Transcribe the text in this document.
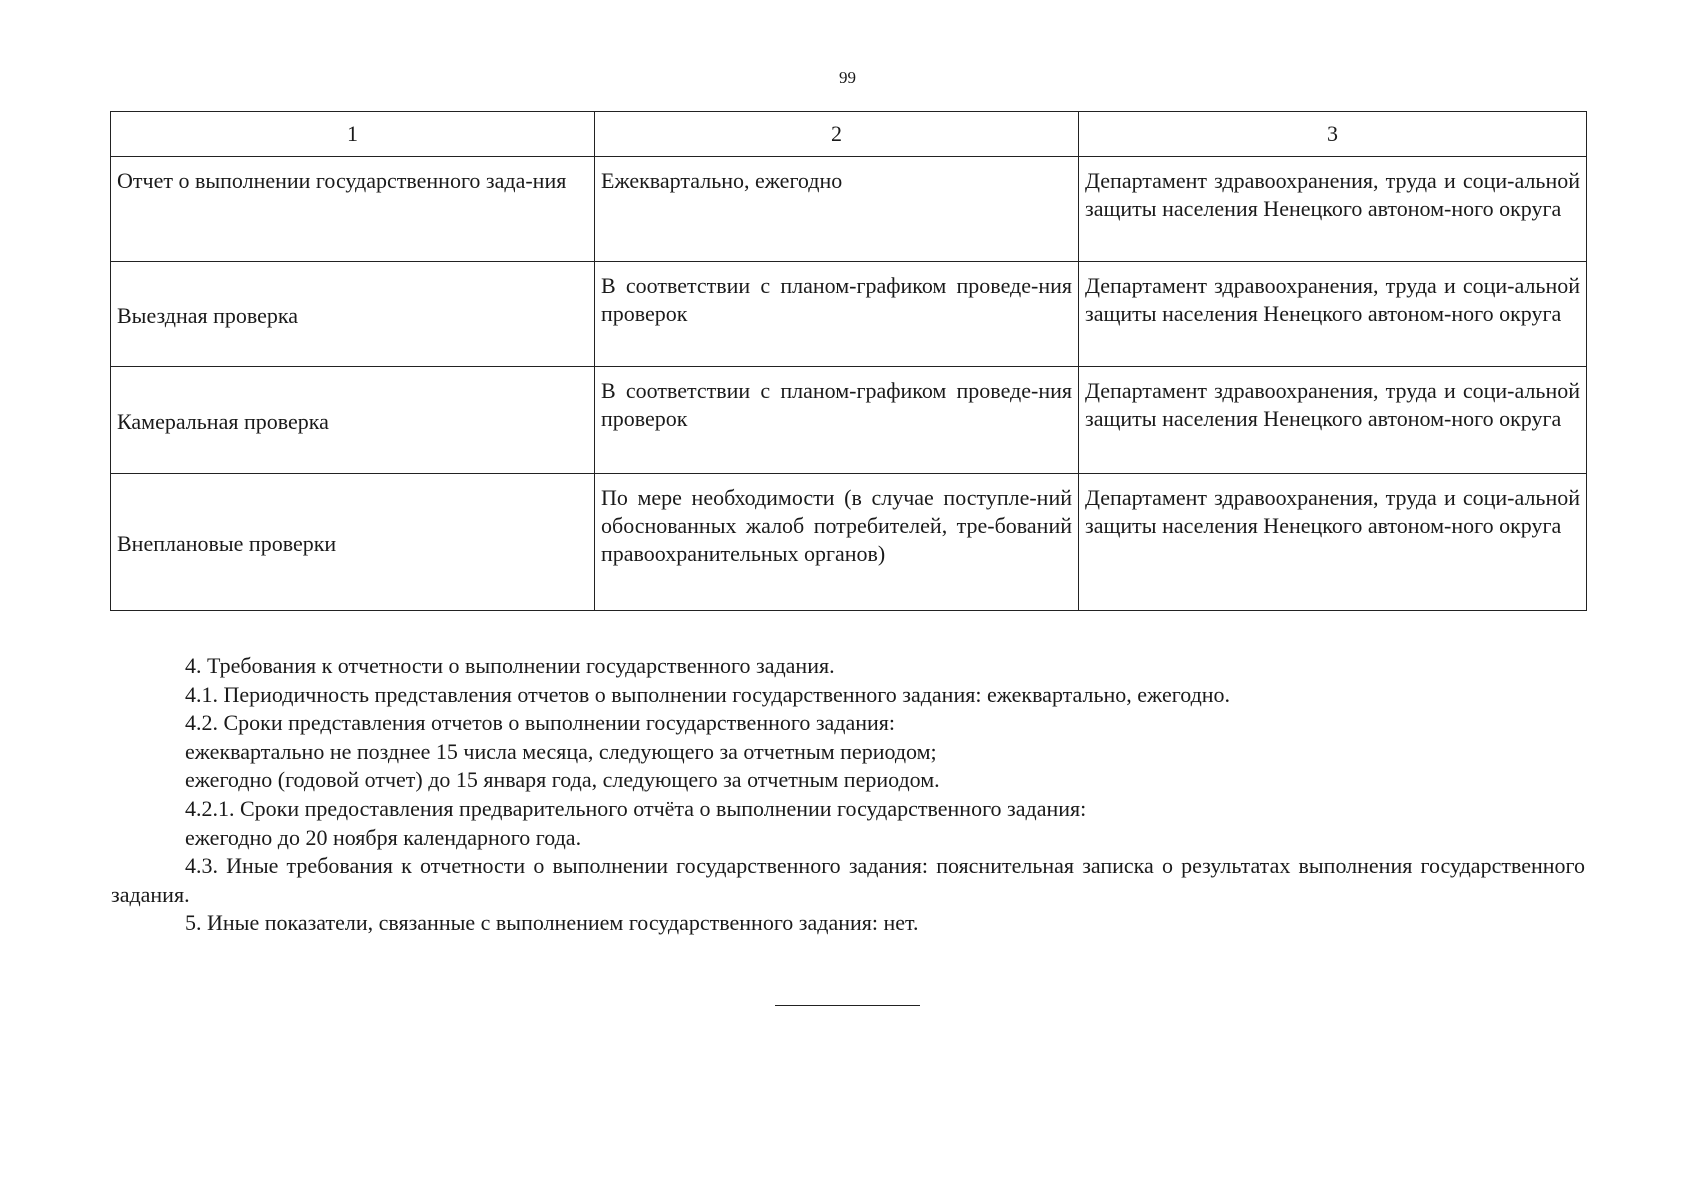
99
1	2	3
Отчет о выполнении государственного зада-ния	Ежеквартально, ежегодно	Департамент здравоохранения, труда и соци-альной защиты населения Ненецкого автоном-ного округа
Выездная проверка	В соответствии с планом-графиком проведе-ния проверок	Департамент здравоохранения, труда и соци-альной защиты населения Ненецкого автоном-ного округа
Камеральная проверка	В соответствии с планом-графиком проведе-ния проверок	Департамент здравоохранения, труда и соци-альной защиты населения Ненецкого автоном-ного округа
Внеплановые проверки	По мере необходимости (в случае поступле-ний обоснованных жалоб потребителей, тре-бований правоохранительных органов)	Департамент здравоохранения, труда и соци-альной защиты населения Ненецкого автоном-ного округа

4. Требования к отчетности о выполнении государственного задания.

4.1. Периодичность представления отчетов о выполнении государственного задания: ежеквартально, ежегодно.

4.2. Сроки представления отчетов о выполнении государственного задания:

ежеквартально не позднее 15 числа месяца, следующего за отчетным периодом;

ежегодно (годовой отчет) до 15 января года, следующего за отчетным периодом.

4.2.1. Сроки предоставления предварительного отчёта о выполнении государственного задания:

ежегодно до 20 ноября календарного года.

4.3. Иные требования к отчетности о выполнении государственного задания: пояснительная записка о результатах выполнения государственного задания.

5. Иные показатели, связанные с выполнением государственного задания: нет.
